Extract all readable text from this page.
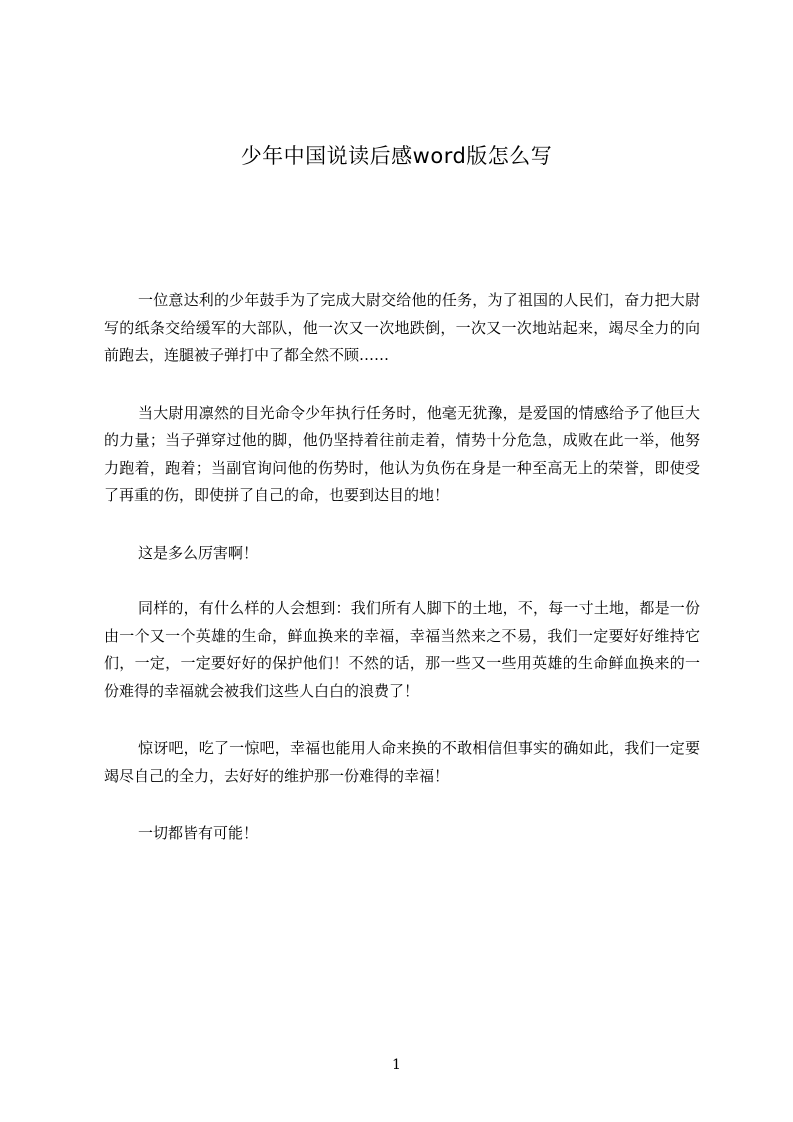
少年中国说读后感word版怎么写

一位意达利的少年鼓手为了完成大尉交给他的任务，为了祖国的人民们，奋力把大尉写的纸条交给缓军的大部队，他一次又一次地跌倒，一次又一次地站起来，竭尽全力的向前跑去，连腿被子弹打中了都全然不顾……

当大尉用凛然的目光命令少年执行任务时，他毫无犹豫，是爱国的情感给予了他巨大的力量；当子弹穿过他的脚，他仍坚持着往前走着，情势十分危急，成败在此一举，他努力跑着，跑着；当副官询问他的伤势时，他认为负伤在身是一种至高无上的荣誉，即使受了再重的伤，即使拼了自己的命，也要到达目的地！

这是多么厉害啊！

同样的，有什么样的人会想到：我们所有人脚下的土地，不，每一寸土地，都是一份由一个又一个英雄的生命，鲜血换来的幸福，幸福当然来之不易，我们一定要好好维持它们，一定，一定要好好的保护他们！不然的话，那一些又一些用英雄的生命鲜血换来的一份难得的幸福就会被我们这些人白白的浪费了！

惊讶吧，吃了一惊吧，幸福也能用人命来换的不敢相信但事实的确如此，我们一定要竭尽自己的全力，去好好的维护那一份难得的幸福！

一切都皆有可能！

1
